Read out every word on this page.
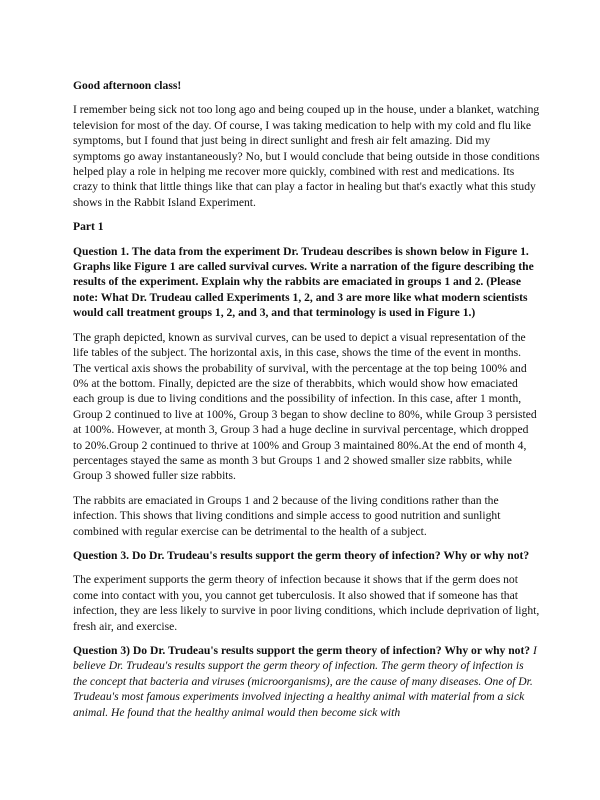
Good afternoon class!

I remember being sick not too long ago and being couped up in the house, under a blanket, watching television for most of the day. Of course, I was taking medication to help with my cold and flu like symptoms, but I found that just being in direct sunlight and fresh air felt amazing. Did my symptoms go away instantaneously? No, but I would conclude that being outside in those conditions helped play a role in helping me recover more quickly, combined with rest and medications. Its crazy to think that little things like that can play a factor in healing but that's exactly what this study shows in the Rabbit Island Experiment.

Part 1

Question 1. The data from the experiment Dr. Trudeau describes is shown below in Figure 1. Graphs like Figure 1 are called survival curves. Write a narration of the figure describing the results of the experiment. Explain why the rabbits are emaciated in groups 1 and 2. (Please note: What Dr. Trudeau called Experiments 1, 2, and 3 are more like what modern scientists would call treatment groups 1, 2, and 3, and that terminology is used in Figure 1.)

The graph depicted, known as survival curves, can be used to depict a visual representation of the life tables of the subject. The horizontal axis, in this case, shows the time of the event in months. The vertical axis shows the probability of survival, with the percentage at the top being 100% and 0% at the bottom. Finally, depicted are the size of therabbits, which would show how emaciated each group is due to living conditions and the possibility of infection. In this case, after 1 month, Group 2 continued to live at 100%, Group 3 began to show decline to 80%, while Group 3 persisted at 100%. However, at month 3, Group 3 had a huge decline in survival percentage, which dropped to 20%.Group 2 continued to thrive at 100% and Group 3 maintained 80%.At the end of month 4, percentages stayed the same as month 3 but Groups 1 and 2 showed smaller size rabbits, while Group 3 showed fuller size rabbits.

The rabbits are emaciated in Groups 1 and 2 because of the living conditions rather than the infection. This shows that living conditions and simple access to good nutrition and sunlight combined with regular exercise can be detrimental to the health of a subject.

Question 3. Do Dr. Trudeau's results support the germ theory of infection? Why or why not?

The experiment supports the germ theory of infection because it shows that if the germ does not come into contact with you, you cannot get tuberculosis. It also showed that if someone has that infection, they are less likely to survive in poor living conditions, which include deprivation of light, fresh air, and exercise.

Question 3) Do Dr. Trudeau's results support the germ theory of infection? Why or why not? I believe Dr. Trudeau's results support the germ theory of infection. The germ theory of infection is the concept that bacteria and viruses (microorganisms), are the cause of many diseases. One of Dr. Trudeau's most famous experiments involved injecting a healthy animal with material from a sick animal. He found that the healthy animal would then become sick with
